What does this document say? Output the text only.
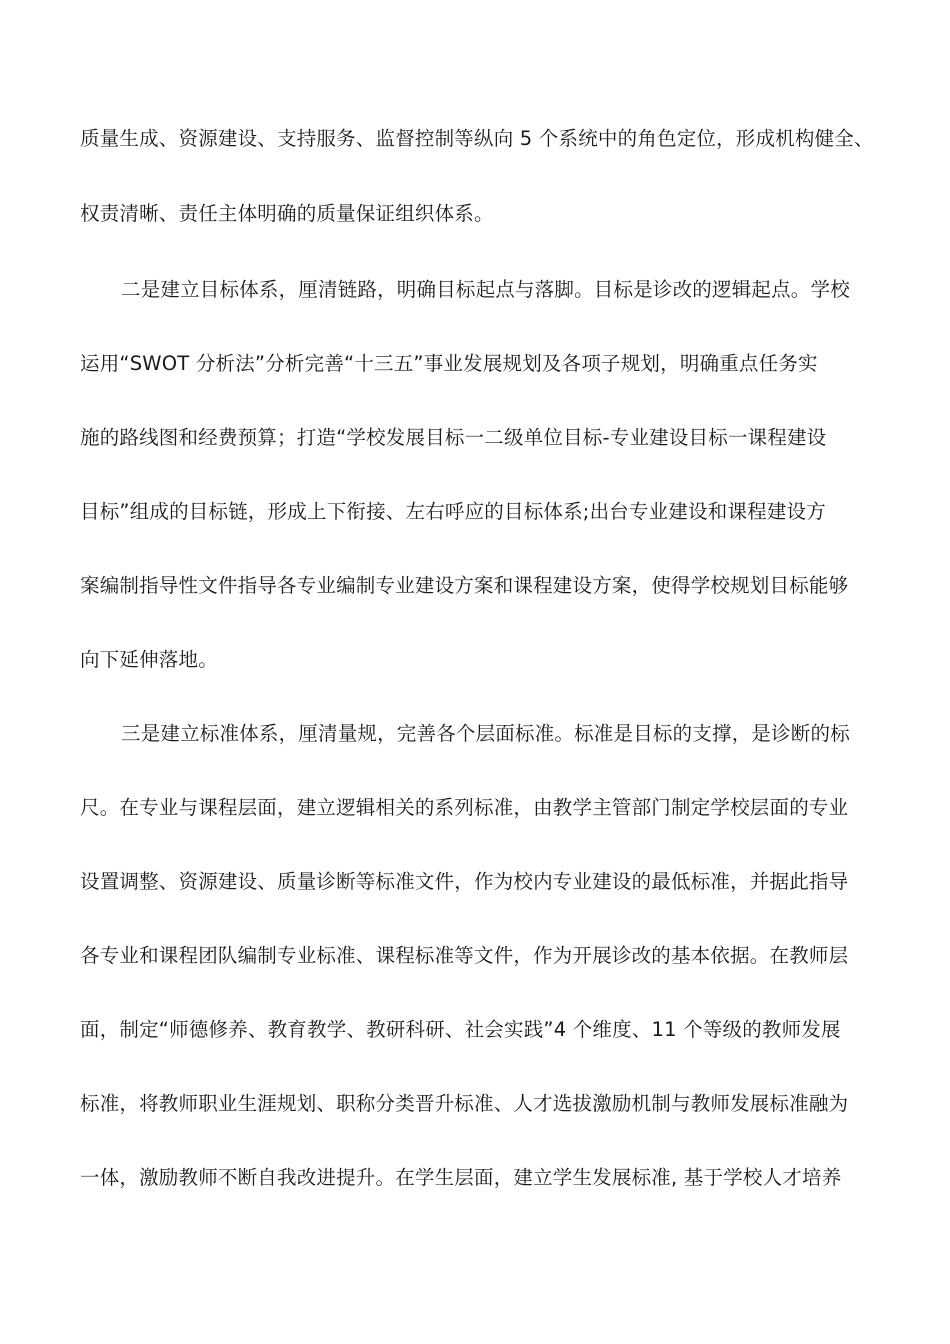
质量生成、资源建设、支持服务、监督控制等纵向 5 个系统中的角色定位，形成机构健全、
权责清晰、责任主体明确的质量保证组织体系。
二是建立目标体系，厘清链路，明确目标起点与落脚。目标是诊改的逻辑起点。学校
运用“SWOT 分析法”分析完善“十三五”事业发展规划及各项子规划，明确重点任务实
施的路线图和经费预算；打造“学校发展目标一二级单位目标-专业建设目标一课程建设
目标”组成的目标链，形成上下衔接、左右呼应的目标体系;出台专业建设和课程建设方
案编制指导性文件指导各专业编制专业建设方案和课程建设方案，使得学校规划目标能够
向下延伸落地。
三是建立标准体系，厘清量规，完善各个层面标准。标准是目标的支撑，是诊断的标
尺。在专业与课程层面，建立逻辑相关的系列标准，由教学主管部门制定学校层面的专业
设置调整、资源建设、质量诊断等标准文件，作为校内专业建设的最低标准，并据此指导
各专业和课程团队编制专业标准、课程标准等文件，作为开展诊改的基本依据。在教师层
面，制定“师德修养、教育教学、教研科研、社会实践”4 个维度、11 个等级的教师发展
标准，将教师职业生涯规划、职称分类晋升标准、人才选拔激励机制与教师发展标准融为
一体，激励教师不断自我改进提升。在学生层面，建立学生发展标准, 基于学校人才培养
